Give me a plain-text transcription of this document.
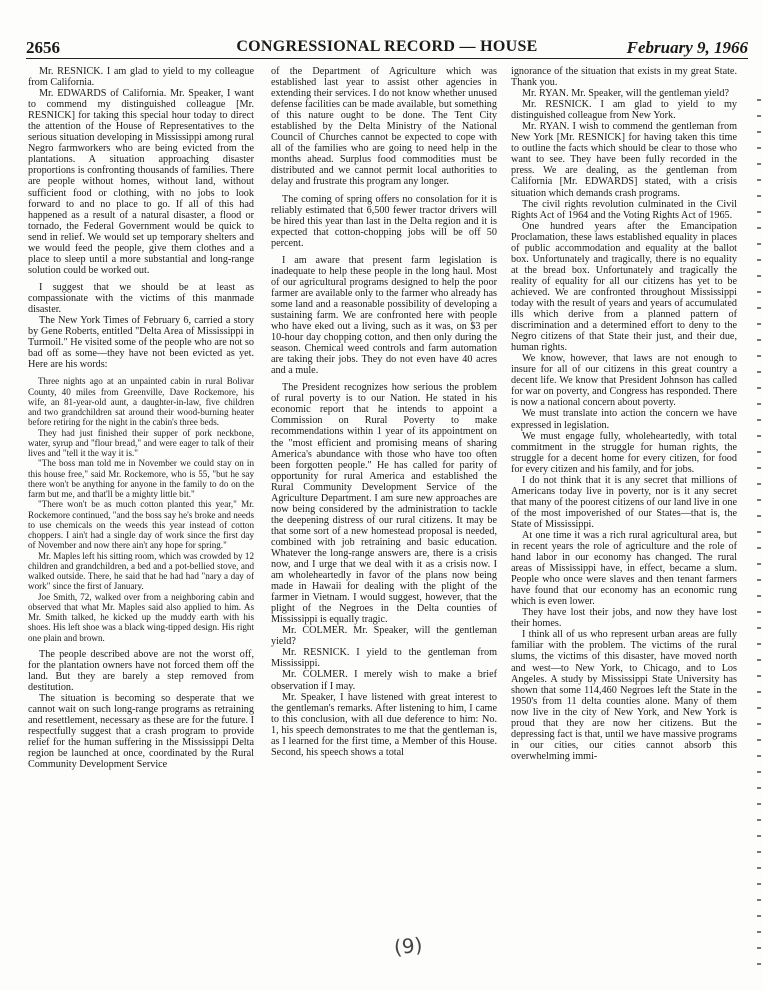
2656	CONGRESSIONAL RECORD — HOUSE	February 9, 1966

Mr. RESNICK. I am glad to yield to my colleague from California.

Mr. EDWARDS of California. Mr. Speaker, I want to commend my distinguished colleague [Mr. RESNICK] for taking this special hour today to direct the attention of the House of Representatives to the serious situation developing in Mississippi among rural Negro farmworkers who are being evicted from the plantations. A situation approaching disaster proportions is confronting thousands of families. There are people without homes, without land, without sufficient food or clothing, with no jobs to look forward to and no place to go. If all of this had happened as a result of a natural disaster, a flood or tornado, the Federal Government would be quick to send in relief. We would set up temporary shelters and we would feed the people, give them clothes and a place to sleep until a more substantial and long-range solution could be worked out.

I suggest that we should be at least as compassionate with the victims of this manmade disaster.

The New York Times of February 6, carried a story by Gene Roberts, entitled "Delta Area of Mississippi in Turmoil." He visited some of the people who are not so bad off as some—they have not been evicted as yet. Here are his words:

Three nights ago at an unpainted cabin in rural Bolivar County, 40 miles from Greenville, Dave Rockemore, his wife, an 81-year-old aunt, a daughter-in-law, five children and two grandchildren sat around their wood-burning heater before retiring for the night in the cabin's three beds.

They had just finished their supper of pork neckbone, water, syrup and "flour bread," and were eager to talk of their lives and "tell it the way it is."

"The boss man told me in November we could stay on in this house free," said Mr. Rockemore, who is 55, "but he say there won't be anything for anyone in the family to do on the farm but me, and that'll be a mighty little bit."

"There won't be as much cotton planted this year," Mr. Rockemore continued, "and the boss say he's broke and needs to use chemicals on the weeds this year instead of cotton choppers. I ain't had a single day of work since the first day of November and now there ain't any hope for spring."

Mr. Maples left his sitting room, which was crowded by 12 children and grandchildren, a bed and a pot-bellied stove, and walked outside. There, he said that he had had "nary a day of work" since the first of January.

Joe Smith, 72, walked over from a neighboring cabin and observed that what Mr. Maples said also applied to him. As Mr. Smith talked, he kicked up the muddy earth with his shoes. His left shoe was a black wing-tipped design. His right one plain and brown.

The people described above are not the worst off, for the plantation owners have not forced them off the land. But they are barely a step removed from destitution.

The situation is becoming so desperate that we cannot wait on such long-range programs as retraining and resettlement, necessary as these are for the future. I respectfully suggest that a crash program to provide relief for the human suffering in the Mississippi Delta region be launched at once, coordinated by the Rural Community Development Service

of the Department of Agriculture which was established last year to assist other agencies in extending their services. I do not know whether unused defense facilities can be made available, but something of this nature ought to be done. The Tent City established by the Delta Ministry of the National Council of Churches cannot be expected to cope with all of the families who are going to need help in the months ahead. Surplus food commodities must be distributed and we cannot permit local authorities to delay and frustrate this program any longer.

The coming of spring offers no consolation for it is reliably estimated that 6,500 fewer tractor drivers will be hired this year than last in the Delta region and it is expected that cotton-chopping jobs will be off 50 percent.

I am aware that present farm legislation is inadequate to help these people in the long haul. Most of our agricultural programs designed to help the poor farmer are available only to the farmer who already has some land and a reasonable possibility of developing a sustaining farm. We are confronted here with people who have eked out a living, such as it was, on $3 per 10-hour day chopping cotton, and then only during the season. Chemical weed controls and farm automation are taking their jobs. They do not even have 40 acres and a mule.

The President recognizes how serious the problem of rural poverty is to our Nation. He stated in his economic report that he intends to appoint a Commission on Rural Poverty to make recommendations within 1 year of its appointment on the "most efficient and promising means of sharing America's abundance with those who have too often been forgotten people." He has called for parity of opportunity for rural America and established the Rural Community Development Service of the Agriculture Department. I am sure new approaches are now being considered by the administration to tackle the deepening distress of our rural citizens. It may be that some sort of a new homestead proposal is needed, combined with job retraining and basic education. Whatever the long-range answers are, there is a crisis now, and I urge that we deal with it as a crisis now. I am wholeheartedly in favor of the plans now being made in Hawaii for dealing with the plight of the farmer in Vietnam. I would suggest, however, that the plight of the Negroes in the Delta counties of Mississippi is equally tragic.

Mr. COLMER. Mr. Speaker, will the gentleman yield?

Mr. RESNICK. I yield to the gentleman from Mississippi.

Mr. COLMER. I merely wish to make a brief observation if I may.

Mr. Speaker, I have listened with great interest to the gentleman's remarks. After listening to him, I came to this conclusion, with all due deference to him: No. 1, his speech demonstrates to me that the gentleman is, as I learned for the first time, a Member of this House. Second, his speech shows a total

ignorance of the situation that exists in my great State. Thank you.

Mr. RYAN. Mr. Speaker, will the gentleman yield?

Mr. RESNICK. I am glad to yield to my distinguished colleague from New York.

Mr. RYAN. I wish to commend the gentleman from New York [Mr. RESNICK] for having taken this time to outline the facts which should be clear to those who want to see. They have been fully recorded in the press. We are dealing, as the gentleman from California [Mr. EDWARDS] stated, with a crisis situation which demands crash programs.

The civil rights revolution culminated in the Civil Rights Act of 1964 and the Voting Rights Act of 1965.

One hundred years after the Emancipation Proclamation, these laws established equality in places of public accommodation and equality at the ballot box. Unfortunately and tragically, there is no equality at the bread box. Unfortunately and tragically the reality of equality for all our citizens has yet to be achieved. We are confronted throughout Mississippi today with the result of years and years of accumulated ills which derive from a planned pattern of discrimination and a determined effort to deny to the Negro citizens of that State their just, and their due, human rights.

We know, however, that laws are not enough to insure for all of our citizens in this great country a decent life. We know that President Johnson has called for war on poverty, and Congress has responded. There is now a national concern about poverty.

We must translate into action the concern we have expressed in legislation.

We must engage fully, wholeheartedly, with total commitment in the struggle for human rights, the struggle for a decent home for every citizen, for food for every citizen and his family, and for jobs.

I do not think that it is any secret that millions of Americans today live in poverty, nor is it any secret that many of the poorest citizens of our land live in one of the most impoverished of our States—that is, the State of Mississippi.

At one time it was a rich rural agricultural area, but in recent years the role of agriculture and the role of hand labor in our economy has changed. The rural areas of Mississippi have, in effect, became a slum. People who once were slaves and then tenant farmers have found that our economy has an economic rung which is even lower.

They have lost their jobs, and now they have lost their homes.

I think all of us who represent urban areas are fully familiar with the problem. The victims of the rural slums, the victims of this disaster, have moved north and west—to New York, to Chicago, and to Los Angeles. A study by Mississippi State University has shown that some 114,460 Negroes left the State in the 1950's from 11 delta counties alone. Many of them now live in the city of New York, and New York is proud that they are now her citizens. But the depressing fact is that, until we have massive programs in our cities, our cities cannot absorb this overwhelming immi-

(9)
